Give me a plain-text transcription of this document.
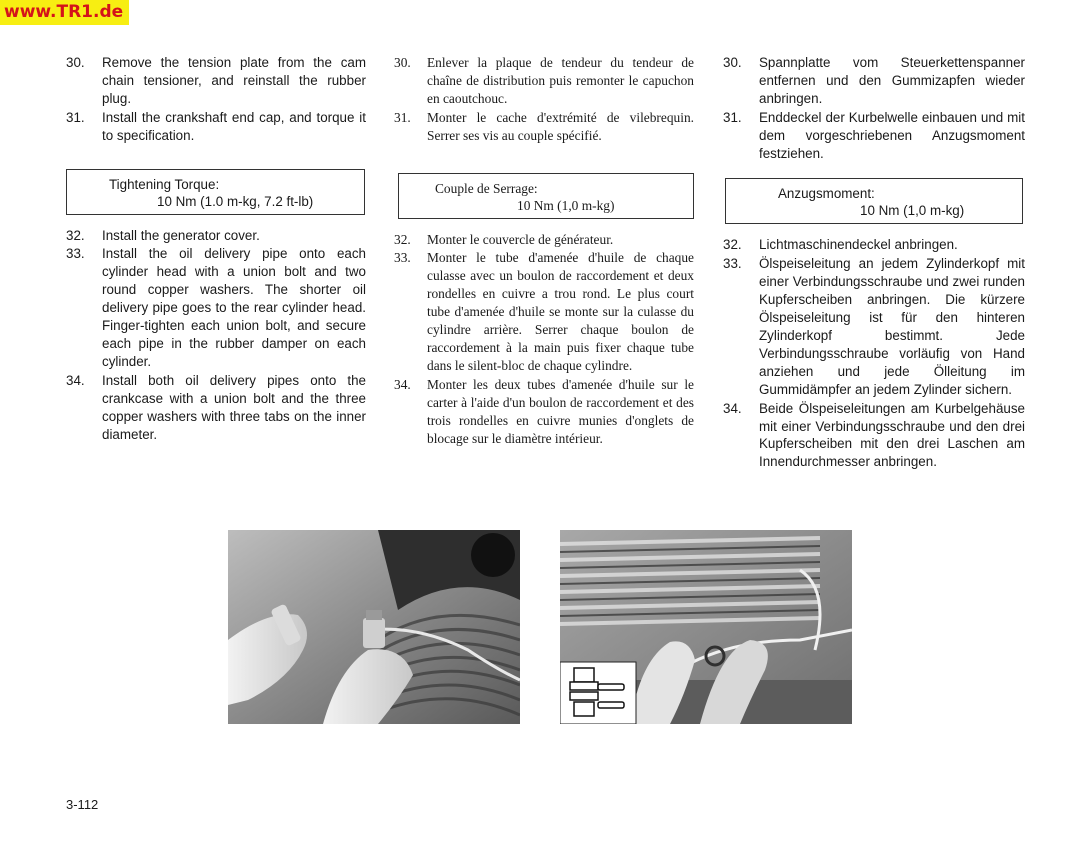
www.TR1.de
30. Remove the tension plate from the cam chain tensioner, and reinstall the rubber plug.
31. Install the crankshaft end cap, and torque it to specification.
Tightening Torque:
10 Nm (1.0 m-kg, 7.2 ft-lb)
32. Install the generator cover.
33. Install the oil delivery pipe onto each cylinder head with a union bolt and two round copper washers. The shorter oil delivery pipe goes to the rear cylinder head. Finger-tighten each union bolt, and secure each pipe in the rubber damper on each cylinder.
34. Install both oil delivery pipes onto the crankcase with a union bolt and the three copper washers with three tabs on the inner diameter.
30. Enlever la plaque de tendeur du tendeur de chaîne de distribution puis remonter le capuchon en caoutchouc.
31. Monter le cache d'extrémité de vilebrequin. Serrer ses vis au couple spécifié.
Couple de Serrage:
10 Nm (1,0 m-kg)
32. Monter le couvercle de générateur.
33. Monter le tube d'amenée d'huile de chaque culasse avec un boulon de raccordement et deux rondelles en cuivre a trou rond. Le plus court tube d'amenée d'huile se monte sur la culasse du cylindre arrière. Serrer chaque boulon de raccordement à la main puis fixer chaque tube dans le silent-bloc de chaque cylindre.
34. Monter les deux tubes d'amenée d'huile sur le carter à l'aide d'un boulon de raccordement et des trois rondelles en cuivre munies d'onglets de blocage sur le diamètre intérieur.
30. Spannplatte vom Steuerkettenspanner entfernen und den Gummizapfen wieder anbringen.
31. Enddeckel der Kurbelwelle einbauen und mit dem vorgeschriebenen Anzugsmoment festziehen.
Anzugsmoment:
10 Nm (1,0 m-kg)
32. Lichtmaschinendeckel anbringen.
33. Ölspeiseleitung an jedem Zylinderkopf mit einer Verbindungsschraube und zwei runden Kupferscheiben anbringen. Die kürzere Ölspeiseleitung ist für den hinteren Zylinderkopf bestimmt. Jede Verbindungsschraube vorläufig von Hand anziehen und jede Ölleitung im Gummidämpfer an jedem Zylinder sichern.
34. Beide Ölspeiseleitungen am Kurbelgehäuse mit einer Verbindungsschraube und den drei Kupferscheiben mit den drei Laschen am Innendurchmesser anbringen.
3-112
